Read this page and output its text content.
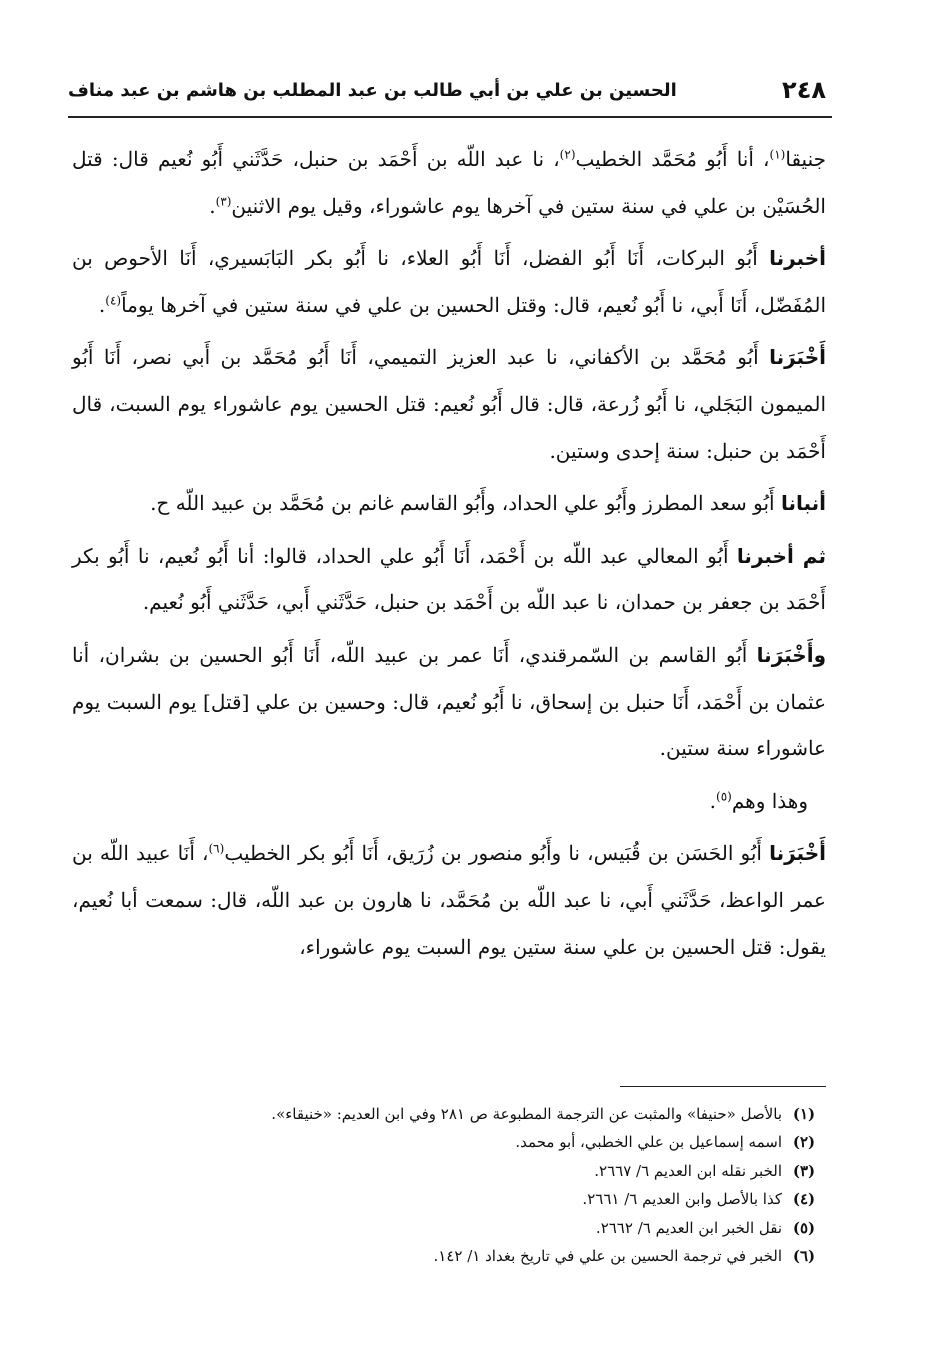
٢٤٨
الحسين بن علي بن أبي طالب بن عبد المطلب بن هاشم بن عبد مناف

جنيقا$^{(١)}$، أنا أَبُو مُحَمَّد الخطيب$^{(٢)}$، نا عبد اللّه بن أَحْمَد بن حنبل، حَدَّثَني أَبُو نُعيم قال: قتل الحُسَيْن بن علي في سنة ستين في آخرها يوم عاشوراء، وقيل يوم الاثنين$^{(٣)}$.

أخبرنا أَبُو البركات، أَنَا أَبُو الفضل، أَنَا أَبُو العلاء، نا أَبُو بكر البَابَسيري، أَنَا الأحوص بن المُفَضّل، أَنَا أَبي، نا أَبُو نُعيم، قال: وقتل الحسين بن علي في سنة ستين في آخرها يوماً$^{(٤)}$.

أَخْبَرَنا أَبُو مُحَمَّد بن الأكفاني، نا عبد العزيز التميمي، أَنَا أَبُو مُحَمَّد بن أَبي نصر، أَنَا أَبُو الميمون البَجَلي، نا أَبُو زُرعة، قال: قال أَبُو نُعيم: قتل الحسين يوم عاشوراء يوم السبت، قال أَحْمَد بن حنبل: سنة إحدى وستين.

أنبانا أَبُو سعد المطرز وأَبُو علي الحداد، وأَبُو القاسم غانم بن مُحَمَّد بن عبيد اللّه ح.

ثم أخبرنا أَبُو المعالي عبد اللّه بن أَحْمَد، أَنَا أَبُو علي الحداد، قالوا: أنا أَبُو نُعيم، نا أَبُو بكر أَحْمَد بن جعفر بن حمدان، نا عبد اللّه بن أَحْمَد بن حنبل، حَدَّثَني أَبي، حَدَّثَني أَبُو نُعيم.

وأَخْبَرَنا أَبُو القاسم بن السّمرقندي، أَنَا عمر بن عبيد اللّه، أَنَا أَبُو الحسين بن بشران، أنا عثمان بن أَحْمَد، أَنَا حنبل بن إسحاق، نا أَبُو نُعيم، قال: وحسين بن علي [قتل] يوم السبت يوم عاشوراء سنة ستين.

وهذا وهم$^{(٥)}$.

أَخْبَرَنا أَبُو الحَسَن بن قُبَيس، نا وأَبُو منصور بن زُرَيق، أَنَا أَبُو بكر الخطيب$^{(٦)}$، أَنَا عبيد اللّه بن عمر الواعظ، حَدَّثَني أَبي، نا عبد اللّه بن مُحَمَّد، نا هارون بن عبد اللّه، قال: سمعت أبا نُعيم، يقول: قتل الحسين بن علي سنة ستين يوم السبت يوم عاشوراء،

(١)
بالأصل «حنيفا» والمثبت عن الترجمة المطبوعة ص ٢٨١ وفي ابن العديم: «خنيقاء».
(٢)
اسمه إسماعيل بن علي الخطبي، أبو محمد.
(٣)
الخبر نقله ابن العديم ٦/ ٢٦٦٧.
(٤)
كذا بالأصل وابن العديم ٦/ ٢٦٦١.
(٥)
نقل الخبر ابن العديم ٦/ ٢٦٦٢.
(٦)
الخبر في ترجمة الحسين بن علي في تاريخ بغداد ١/ ١٤٢.
